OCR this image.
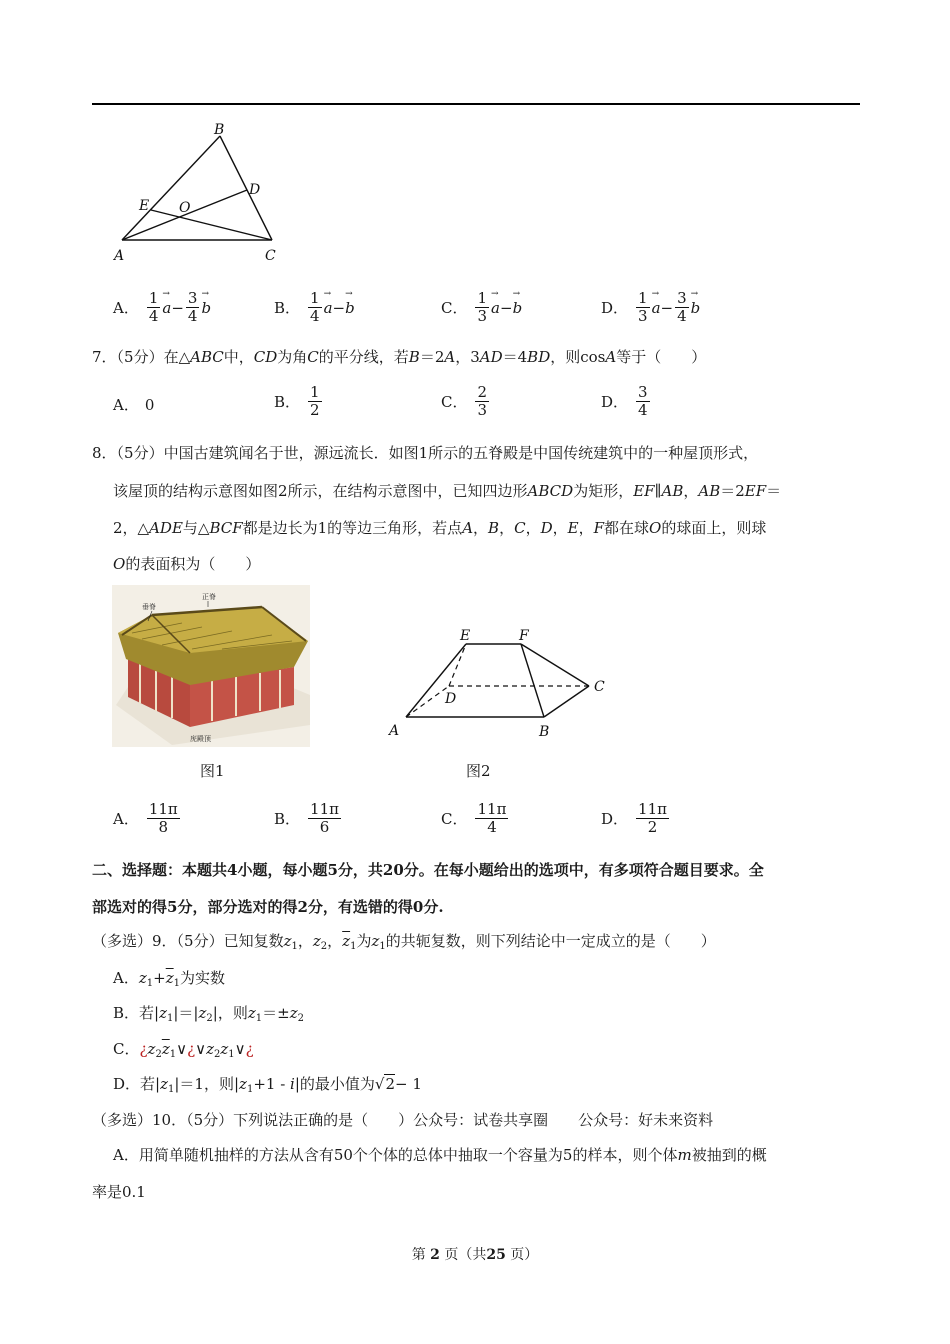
B
D
E O
A	C
A． $\frac{1}{4} \to a - \frac{3}{4} \to b$	B． $\frac{1}{4} \to a$ − → b	C． $\frac{1}{3} \to a$ − → b	D． $\frac{1}{3} \to a - \frac{3}{4} \to b$
7．（5分）在△ABC中，CD为角C的平分线，若B＝2A，3AD＝4BD，则cosA等于（　　）
A． 0	B． $\frac{1}{2}$	C． $\frac{2}{3}$	D． $\frac{3}{4}$
8．（5分）中国古建筑闻名于世，源远流长．如图1所示的五脊殿是中国传统建筑中的一种屋顶形式，
该屋顶的结构示意图如图2所示，在结构示意图中，已知四边形ABCD为矩形，EF∥AB，AB＝2EF＝
2，△ADE与△BCF都是边长为1的等边三角形，若点A，B，C，D，E，F都在球O的球面上，则球
O的表面积为（　　）
正脊
垂脊
庑殿顶
E	F
D
C
A	B
图1	图2
A． $\frac{11\pi}{8}$	B． $\frac{11\pi}{6}$	C． $\frac{11\pi}{4}$	D． $\frac{11\pi}{2}$
二、选择题：本题共4小题，每小题5分，共20分。在每小题给出的选项中，有多项符合题目要求。全
部选对的得5分，部分选对的得2分，有选错的得0分.
（多选）9．（5分）已知复数$z_1$，$z_2$，$\overline{z}_1$为$z_1$的共轭复数，则下列结论中一定成立的是（　　）
A．$z_1+\overline{z}_1$为实数
B．若$|z_1|=|z_2|$，则$z_1=\pm z_2$
C．¿$z_2\overline{z}_1\vee¿\vee z_2z_1\vee¿$
D．若$|z_1|=1$，则$|z_1+1 - i|$的最小值为√2− 1
（多选）10．（5分）下列说法正确的是（　　）公众号：试卷共享圈　　公众号：好未来资料
A．用简单随机抽样的方法从含有50个个体的总体中抽取一个容量为5的样本，则个体m被抽到的概
率是0.1
第 2 页（共25 页）
